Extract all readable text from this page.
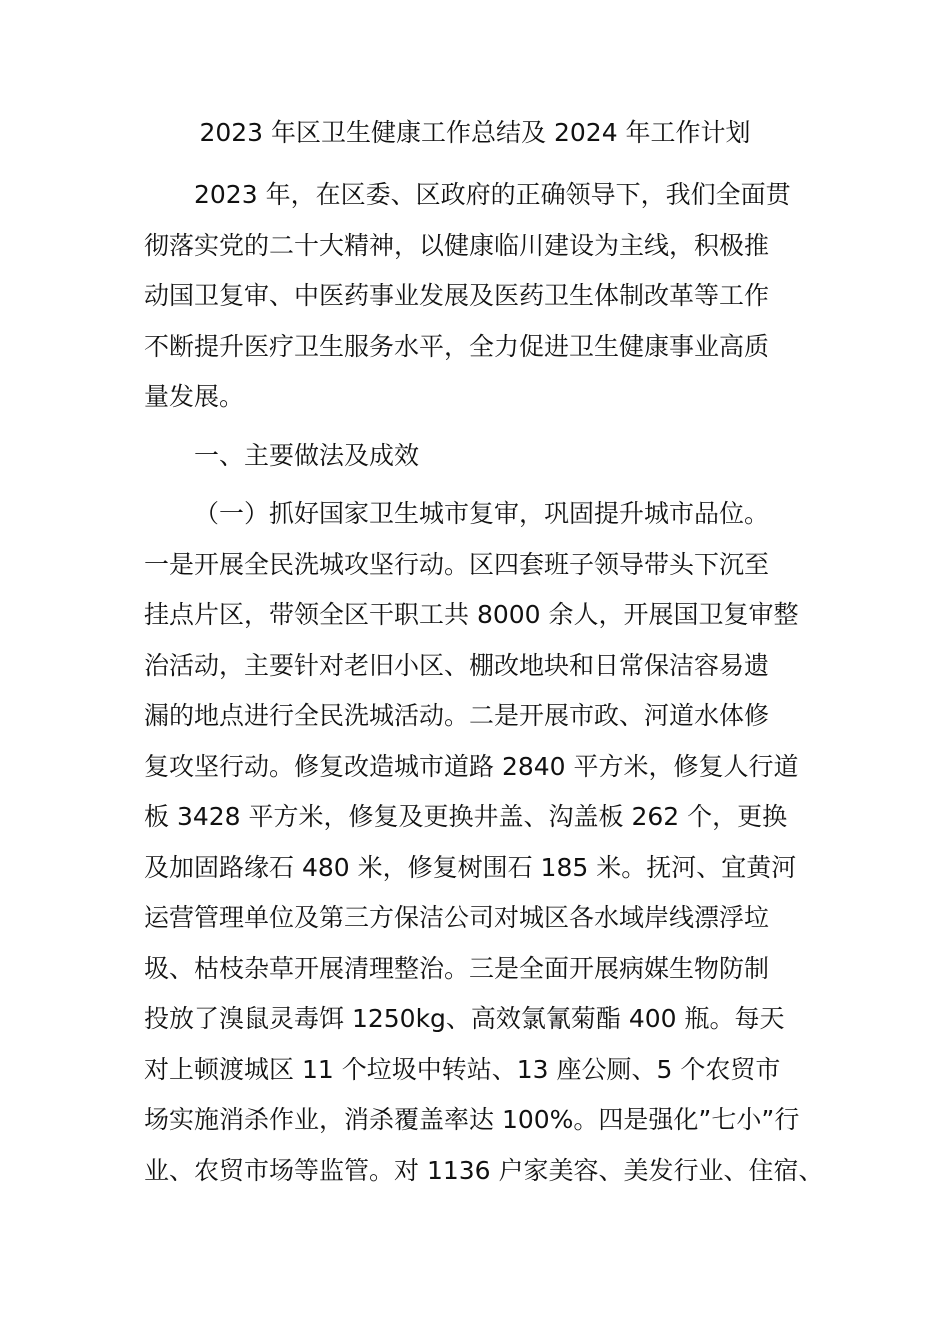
2023 年区卫生健康工作总结及 2024 年工作计划
2023 年，在区委、区政府的正确领导下，我们全面贯
彻落实党的二十大精神，以健康临川建设为主线，积极推
动国卫复审、中医药事业发展及医药卫生体制改革等工作
不断提升医疗卫生服务水平，全力促进卫生健康事业高质
量发展。
一、主要做法及成效
（一）抓好国家卫生城市复审，巩固提升城市品位。
一是开展全民洗城攻坚行动。区四套班子领导带头下沉至
挂点片区，带领全区干职工共 8000 余人，开展国卫复审整
治活动，主要针对老旧小区、棚改地块和日常保洁容易遗
漏的地点进行全民洗城活动。二是开展市政、河道水体修
复攻坚行动。修复改造城市道路 2840 平方米，修复人行道
板 3428 平方米，修复及更换井盖、沟盖板 262 个，更换
及加固路缘石 480 米，修复树围石 185 米。抚河、宜黄河
运营管理单位及第三方保洁公司对城区各水域岸线漂浮垃
圾、枯枝杂草开展清理整治。三是全面开展病媒生物防制
投放了溴鼠灵毒饵 1250kg、高效氯氰菊酯 400 瓶。每天
对上顿渡城区 11 个垃圾中转站、13 座公厕、5 个农贸市
场实施消杀作业，消杀覆盖率达 100%。四是强化”七小”行
业、农贸市场等监管。对 1136 户家美容、美发行业、住宿、
